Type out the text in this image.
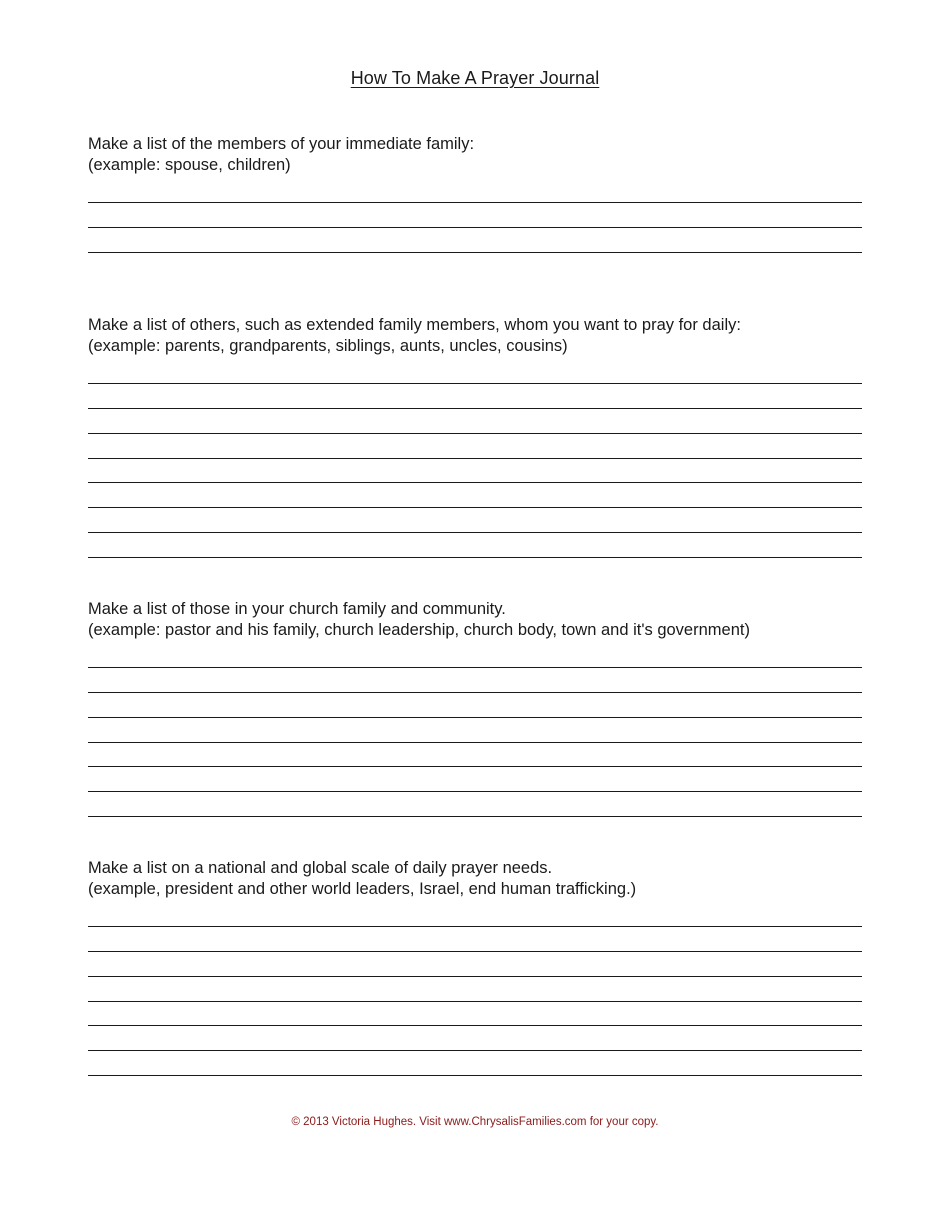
How To Make A Prayer Journal
Make a list of the members of your immediate family:
(example: spouse, children)
Make a list of others, such as extended family members, whom you want to pray for daily:
(example: parents, grandparents, siblings, aunts, uncles, cousins)
Make a list of those in your church family and community.
(example: pastor and his family, church leadership, church body, town and it's government)
Make a list on a national and global scale of daily prayer needs.
(example, president and other world leaders, Israel, end human trafficking.)
© 2013 Victoria Hughes. Visit www.ChrysalisFamilies.com for your copy.
